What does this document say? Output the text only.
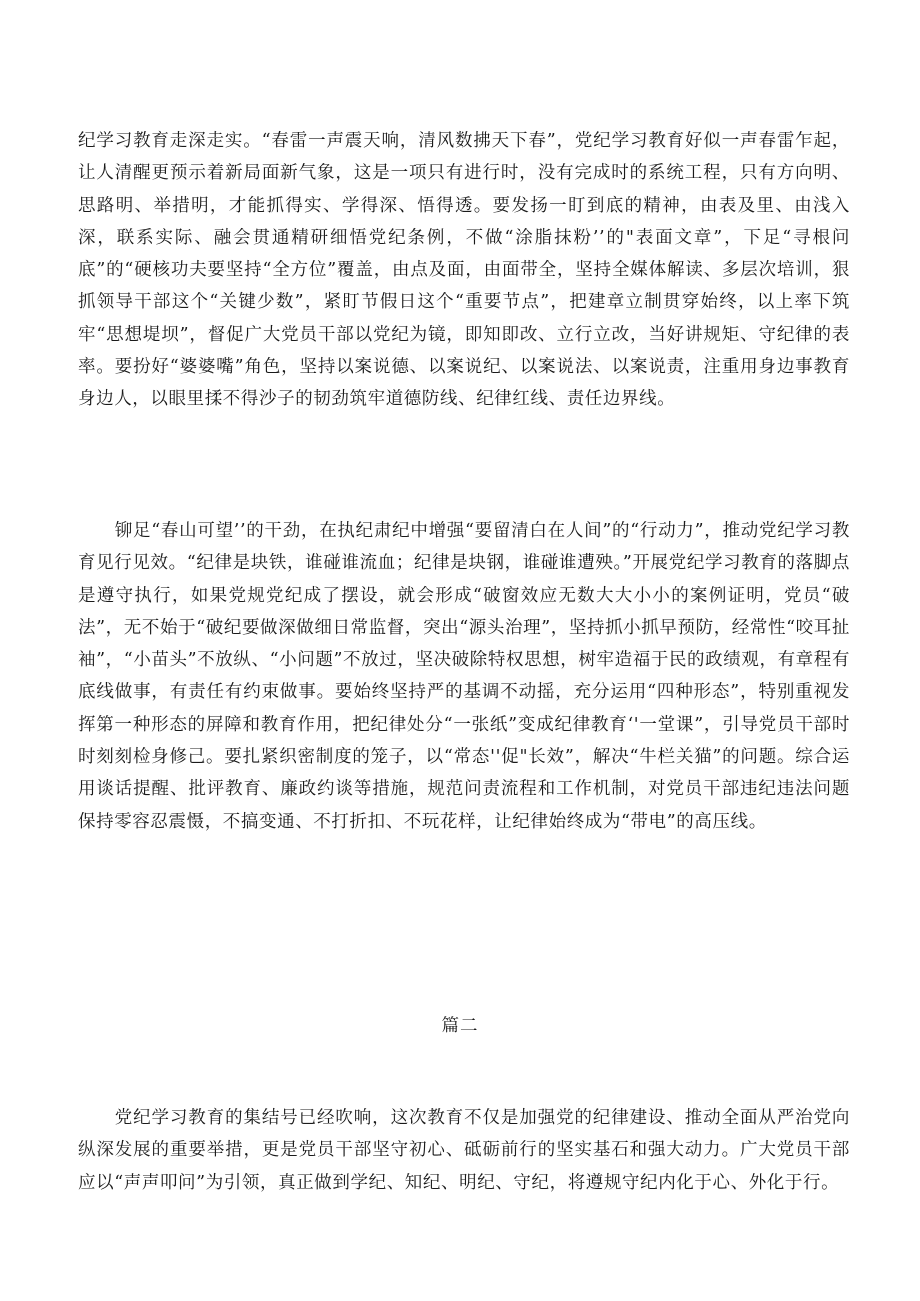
纪学习教育走深走实。“春雷一声震天响，清风数拂天下春”，党纪学习教育好似一声春雷乍起，让人清醒更预示着新局面新气象，这是一项只有进行时，没有完成时的系统工程，只有方向明、思路明、举措明，才能抓得实、学得深、悟得透。要发扬一盯到底的精神，由表及里、由浅入深，联系实际、融会贯通精研细悟党纪条例，不做“涂脂抹粉’’的"表面文章”，下足“寻根问底”的“硬核功夫要坚持“全方位”覆盖，由点及面，由面带全，坚持全媒体解读、多层次培训，狠抓领导干部这个“关键少数”，紧盯节假日这个“重要节点”，把建章立制贯穿始终，以上率下筑牢“思想堤坝”，督促广大党员干部以党纪为镜，即知即改、立行立改，当好讲规矩、守纪律的表率。要扮好“婆婆嘴”角色，坚持以案说德、以案说纪、以案说法、以案说责，注重用身边事教育身边人，以眼里揉不得沙子的韧劲筑牢道德防线、纪律红线、责任边界线。

铆足“春山可望’’的干劲，在执纪肃纪中增强“要留清白在人间”的“行动力”，推动党纪学习教育见行见效。“纪律是块铁，谁碰谁流血；纪律是块钢，谁碰谁遭殃。”开展党纪学习教育的落脚点是遵守执行，如果党规党纪成了摆设，就会形成“破窗效应无数大大小小的案例证明，党员“破法”，无不始于“破纪要做深做细日常监督，突出“源头治理”，坚持抓小抓早预防，经常性“咬耳扯袖”，“小苗头”不放纵、“小问题”不放过，坚决破除特权思想，树牢造福于民的政绩观，有章程有底线做事，有责任有约束做事。要始终坚持严的基调不动摇，充分运用“四种形态”，特别重视发挥第一种形态的屏障和教育作用，把纪律处分“一张纸”变成纪律教育‘'一堂课”，引导党员干部时时刻刻检身修己。要扎紧织密制度的笼子，以“常态''促"长效”，解决“牛栏关猫”的问题。综合运用谈话提醒、批评教育、廉政约谈等措施，规范问责流程和工作机制，对党员干部违纪违法问题保持零容忍震慑，不搞变通、不打折扣、不玩花样，让纪律始终成为“带电”的高压线。

篇二

党纪学习教育的集结号已经吹响，这次教育不仅是加强党的纪律建设、推动全面从严治党向纵深发展的重要举措，更是党员干部坚守初心、砥砺前行的坚实基石和强大动力。广大党员干部应以“声声叩问”为引领，真正做到学纪、知纪、明纪、守纪，将遵规守纪内化于心、外化于行。
